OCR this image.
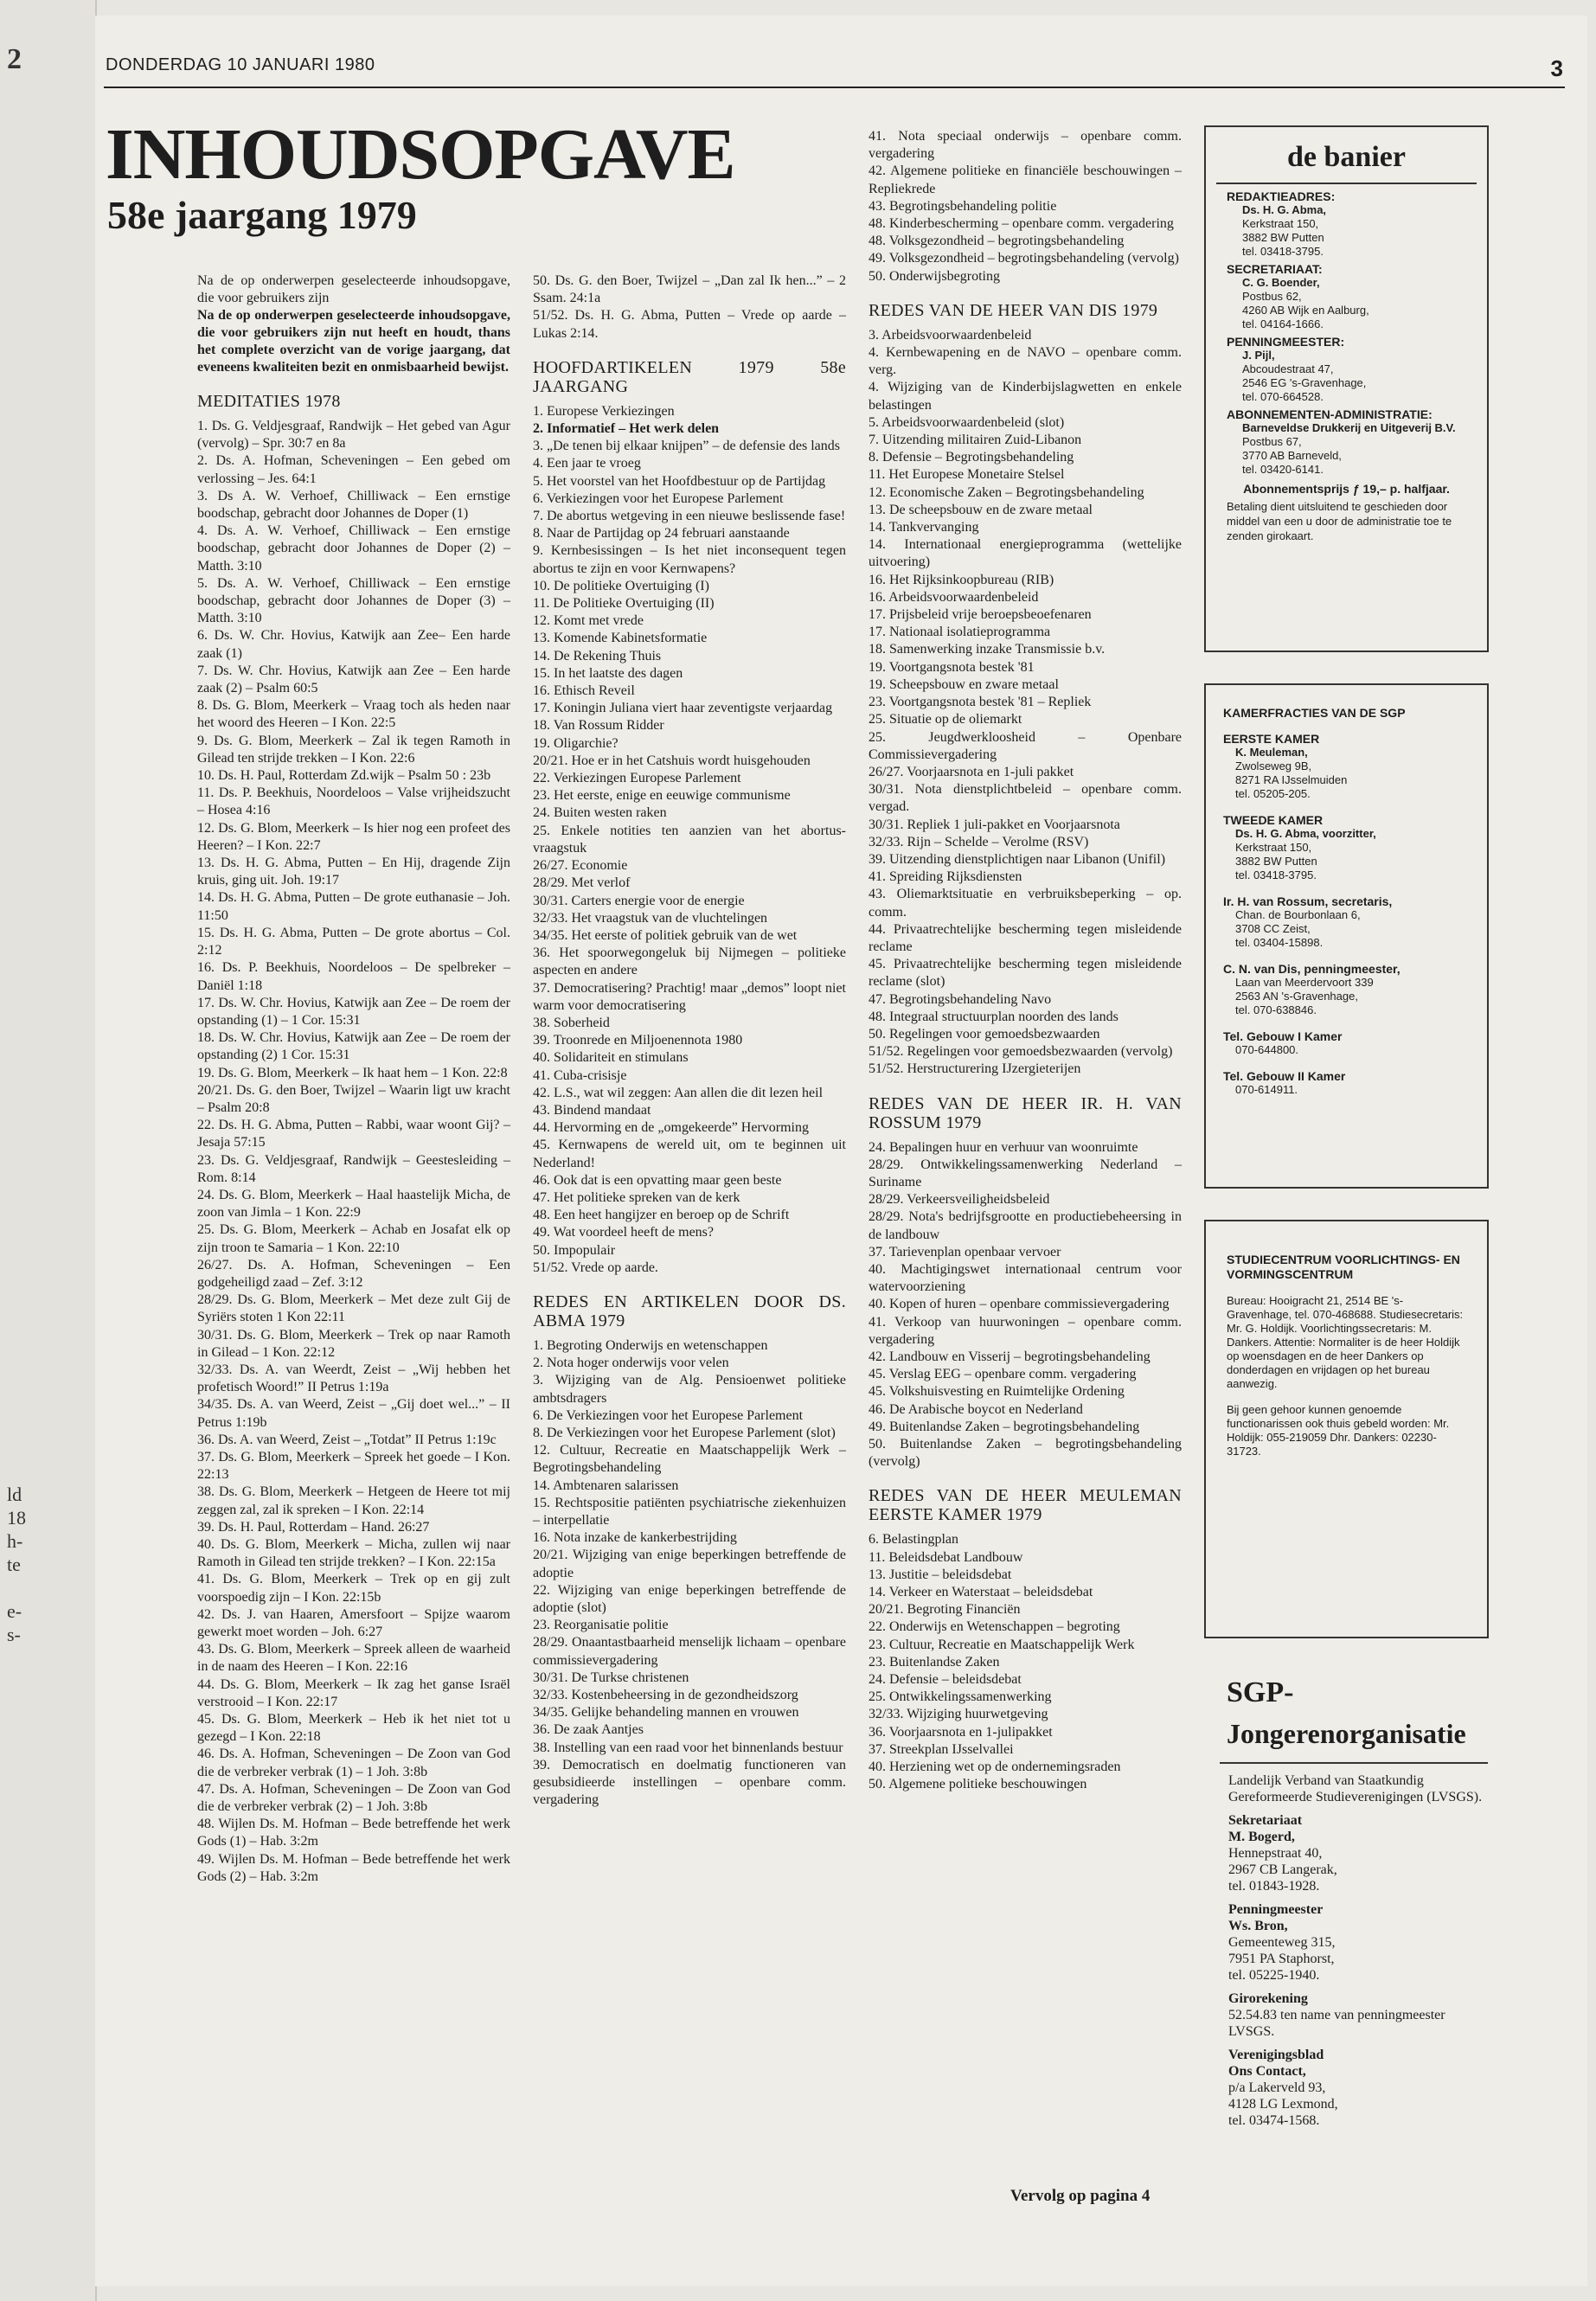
2
ld
18
h-
te
e-
s-
DONDERDAG 10 JANUARI 1980	3
INHOUDSOPGAVE
58e jaargang 1979

Na de op onderwerpen geselecteerde inhoudsopgave, die voor gebruikers zijn

Na de op onderwerpen geselecteerde inhoudsopgave, die voor gebruikers zijn nut heeft en houdt, thans het complete overzicht van de vorige jaargang, dat eveneens kwaliteiten bezit en onmisbaarheid bewijst.

MEDITATIES 1978

1. Ds. G. Veldjesgraaf, Randwijk – Het gebed van Agur (vervolg) – Spr. 30:7 en 8a

2. Ds. A. Hofman, Scheveningen – Een gebed om verlossing – Jes. 64:1

3. Ds A. W. Verhoef, Chilliwack – Een ernstige boodschap, gebracht door Johannes de Doper (1)

4. Ds. A. W. Verhoef, Chilliwack – Een ernstige boodschap, gebracht door Johannes de Doper (2) – Matth. 3:10

5. Ds. A. W. Verhoef, Chilliwack – Een ernstige boodschap, gebracht door Johannes de Doper (3) – Matth. 3:10

6. Ds. W. Chr. Hovius, Katwijk aan Zee– Een harde zaak (1)

7. Ds. W. Chr. Hovius, Katwijk aan Zee – Een harde zaak (2) – Psalm 60:5

8. Ds. G. Blom, Meerkerk – Vraag toch als heden naar het woord des Heeren – I Kon. 22:5

9. Ds. G. Blom, Meerkerk – Zal ik tegen Ramoth in Gilead ten strijde trekken – I Kon. 22:6

10. Ds. H. Paul, Rotterdam Zd.wijk – Psalm 50 : 23b

11. Ds. P. Beekhuis, Noordeloos – Valse vrijheidszucht – Hosea 4:16

12. Ds. G. Blom, Meerkerk – Is hier nog een profeet des Heeren? – I Kon. 22:7

13. Ds. H. G. Abma, Putten – En Hij, dragende Zijn kruis, ging uit. Joh. 19:17

14. Ds. H. G. Abma, Putten – De grote euthanasie – Joh. 11:50

15. Ds. H. G. Abma, Putten – De grote abortus – Col. 2:12

16. Ds. P. Beekhuis, Noordeloos – De spelbreker – Daniël 1:18

17. Ds. W. Chr. Hovius, Katwijk aan Zee – De roem der opstanding (1) – 1 Cor. 15:31

18. Ds. W. Chr. Hovius, Katwijk aan Zee – De roem der opstanding (2) 1 Cor. 15:31

19. Ds. G. Blom, Meerkerk – Ik haat hem – 1 Kon. 22:8

20/21. Ds. G. den Boer, Twijzel – Waarin ligt uw kracht – Psalm 20:8

22. Ds. H. G. Abma, Putten – Rabbi, waar woont Gij? – Jesaja 57:15

23. Ds. G. Veldjesgraaf, Randwijk – Geestesleiding – Rom. 8:14

24. Ds. G. Blom, Meerkerk – Haal haastelijk Micha, de zoon van Jimla – 1 Kon. 22:9

25. Ds. G. Blom, Meerkerk – Achab en Josafat elk op zijn troon te Samaria – 1 Kon. 22:10

26/27. Ds. A. Hofman, Scheveningen – Een godgeheiligd zaad – Zef. 3:12

28/29. Ds. G. Blom, Meerkerk – Met deze zult Gij de Syriërs stoten 1 Kon 22:11

30/31. Ds. G. Blom, Meerkerk – Trek op naar Ramoth in Gilead – 1 Kon. 22:12

32/33. Ds. A. van Weerdt, Zeist – „Wij hebben het profetisch Woord!” II Petrus 1:19a

34/35. Ds. A. van Weerd, Zeist – „Gij doet wel...” – II Petrus 1:19b

36. Ds. A. van Weerd, Zeist – „Totdat” II Petrus 1:19c

37. Ds. G. Blom, Meerkerk – Spreek het goede – I Kon. 22:13

38. Ds. G. Blom, Meerkerk – Hetgeen de Heere tot mij zeggen zal, zal ik spreken – I Kon. 22:14

39. Ds. H. Paul, Rotterdam – Hand. 26:27

40. Ds. G. Blom, Meerkerk – Micha, zullen wij naar Ramoth in Gilead ten strijde trekken? – I Kon. 22:15a

41. Ds. G. Blom, Meerkerk – Trek op en gij zult voorspoedig zijn – I Kon. 22:15b

42. Ds. J. van Haaren, Amersfoort – Spijze waarom gewerkt moet worden – Joh. 6:27

43. Ds. G. Blom, Meerkerk – Spreek alleen de waarheid in de naam des Heeren – I Kon. 22:16

44. Ds. G. Blom, Meerkerk – Ik zag het ganse Israël verstrooid – I Kon. 22:17

45. Ds. G. Blom, Meerkerk – Heb ik het niet tot u gezegd – I Kon. 22:18

46. Ds. A. Hofman, Scheveningen – De Zoon van God die de verbreker verbrak (1) – 1 Joh. 3:8b

47. Ds. A. Hofman, Scheveningen – De Zoon van God die de verbreker verbrak (2) – 1 Joh. 3:8b

48. Wijlen Ds. M. Hofman – Bede betreffende het werk Gods (1) – Hab. 3:2m

49. Wijlen Ds. M. Hofman – Bede betreffende het werk Gods (2) – Hab. 3:2m

50. Ds. G. den Boer, Twijzel – „Dan zal Ik hen...” – 2 Ssam. 24:1a

51/52. Ds. H. G. Abma, Putten – Vrede op aarde – Lukas 2:14.

HOOFDARTIKELEN 1979 58e JAARGANG

1. Europese Verkiezingen

2. Informatief – Het werk delen

3. „De tenen bij elkaar knijpen” – de defensie des lands

4. Een jaar te vroeg

5. Het voorstel van het Hoofdbestuur op de Partijdag

6. Verkiezingen voor het Europese Parlement

7. De abortus wetgeving in een nieuwe beslissende fase!

8. Naar de Partijdag op 24 februari aanstaande

9. Kernbesissingen – Is het niet inconsequent tegen abortus te zijn en voor Kernwapens?

10. De politieke Overtuiging (I)

11. De Politieke Overtuiging (II)

12. Komt met vrede

13. Komende Kabinetsformatie

14. De Rekening Thuis

15. In het laatste des dagen

16. Ethisch Reveil

17. Koningin Juliana viert haar zeventigste verjaardag

18. Van Rossum Ridder

19. Oligarchie?

20/21. Hoe er in het Catshuis wordt huisgehouden

22. Verkiezingen Europese Parlement

23. Het eerste, enige en eeuwige communisme

24. Buiten westen raken

25. Enkele notities ten aanzien van het abortus-vraagstuk

26/27. Economie

28/29. Met verlof

30/31. Carters energie voor de energie

32/33. Het vraagstuk van de vluchtelingen

34/35. Het eerste of politiek gebruik van de wet

36. Het spoorwegongeluk bij Nijmegen – politieke aspecten en andere

37. Democratisering? Prachtig! maar „demos” loopt niet warm voor democratisering

38. Soberheid

39. Troonrede en Miljoenennota 1980

40. Solidariteit en stimulans

41. Cuba-crisisje

42. L.S., wat wil zeggen: Aan allen die dit lezen heil

43. Bindend mandaat

44. Hervorming en de „omgekeerde” Hervorming

45. Kernwapens de wereld uit, om te beginnen uit Nederland!

46. Ook dat is een opvatting maar geen beste

47. Het politieke spreken van de kerk

48. Een heet hangijzer en beroep op de Schrift

49. Wat voordeel heeft de mens?

50. Impopulair

51/52. Vrede op aarde.

REDES EN ARTIKELEN DOOR DS. ABMA 1979

1. Begroting Onderwijs en wetenschappen

2. Nota hoger onderwijs voor velen

3. Wijziging van de Alg. Pensioenwet politieke ambtsdragers

6. De Verkiezingen voor het Europese Parlement

8. De Verkiezingen voor het Europese Parlement (slot)

12. Cultuur, Recreatie en Maatschappelijk Werk – Begrotingsbehandeling

14. Ambtenaren salarissen

15. Rechtspositie patiënten psychiatrische ziekenhuizen – interpellatie

16. Nota inzake de kankerbestrijding

20/21. Wijziging van enige beperkingen betreffende de adoptie

22. Wijziging van enige beperkingen betreffende de adoptie (slot)

23. Reorganisatie politie

28/29. Onaantastbaarheid menselijk lichaam – openbare commissievergadering

30/31. De Turkse christenen

32/33. Kostenbeheersing in de gezondheidszorg

34/35. Gelijke behandeling mannen en vrouwen

36. De zaak Aantjes

38. Instelling van een raad voor het binnenlands bestuur

39. Democratisch en doelmatig functioneren van gesubsidieerde instellingen – openbare comm. vergadering

41. Nota speciaal onderwijs – openbare comm. vergadering

42. Algemene politieke en financiële beschouwingen – Repliekrede

43. Begrotingsbehandeling politie

48. Kinderbescherming – openbare comm. vergadering

48. Volksgezondheid – begrotingsbehandeling

49. Volksgezondheid – begrotingsbehandeling (vervolg)

50. Onderwijsbegroting

REDES VAN DE HEER VAN DIS 1979

3. Arbeidsvoorwaardenbeleid

4. Kernbewapening en de NAVO – openbare comm. verg.

4. Wijziging van de Kinderbijslagwetten en enkele belastingen

5. Arbeidsvoorwaardenbeleid (slot)

7. Uitzending militairen Zuid-Libanon

8. Defensie – Begrotingsbehandeling

11. Het Europese Monetaire Stelsel

12. Economische Zaken – Begrotingsbehandeling

13. De scheepsbouw en de zware metaal

14. Tankvervanging

14. Internationaal energieprogramma (wettelijke uitvoering)

16. Het Rijksinkoopbureau (RIB)

16. Arbeidsvoorwaardenbeleid

17. Prijsbeleid vrije beroepsbeoefenaren

17. Nationaal isolatieprogramma

18. Samenwerking inzake Transmissie b.v.

19. Voortgangsnota bestek '81

19. Scheepsbouw en zware metaal

23. Voortgangsnota bestek '81 – Repliek

25. Situatie op de oliemarkt

25. Jeugdwerkloosheid – Openbare Commissievergadering

26/27. Voorjaarsnota en 1-juli pakket

30/31. Nota dienstplichtbeleid – openbare comm. vergad.

30/31. Repliek 1 juli-pakket en Voorjaarsnota

32/33. Rijn – Schelde – Verolme (RSV)

39. Uitzending dienstplichtigen naar Libanon (Unifil)

41. Spreiding Rijksdiensten

43. Oliemarktsituatie en verbruiksbeperking – op. comm.

44. Privaatrechtelijke bescherming tegen misleidende reclame

45. Privaatrechtelijke bescherming tegen misleidende reclame (slot)

47. Begrotingsbehandeling Navo

48. Integraal structuurplan noorden des lands

50. Regelingen voor gemoedsbezwaarden

51/52. Regelingen voor gemoedsbezwaarden (vervolg)

51/52. Herstructurering IJzergieterijen

REDES VAN DE HEER IR. H. VAN ROSSUM 1979

24. Bepalingen huur en verhuur van woonruimte

28/29. Ontwikkelingssamenwerking Nederland – Suriname

28/29. Verkeersveiligheidsbeleid

28/29. Nota's bedrijfsgrootte en productiebeheersing in de landbouw

37. Tarievenplan openbaar vervoer

40. Machtigingswet internationaal centrum voor watervoorziening

40. Kopen of huren – openbare commissievergadering

41. Verkoop van huurwoningen – openbare comm. vergadering

42. Landbouw en Visserij – begrotingsbehandeling

45. Verslag EEG – openbare comm. vergadering

45. Volkshuisvesting en Ruimtelijke Ordening

46. De Arabische boycot en Nederland

49. Buitenlandse Zaken – begrotingsbehandeling

50. Buitenlandse Zaken – begrotingsbehandeling (vervolg)

REDES VAN DE HEER MEULEMAN EERSTE KAMER 1979

6. Belastingplan

11. Beleidsdebat Landbouw

13. Justitie – beleidsdebat

14. Verkeer en Waterstaat – beleidsdebat

20/21. Begroting Financiën

22. Onderwijs en Wetenschappen – begroting

23. Cultuur, Recreatie en Maatschappelijk Werk

23. Buitenlandse Zaken

24. Defensie – beleidsdebat

25. Ontwikkelingssamenwerking

32/33. Wijziging huurwetgeving

36. Voorjaarsnota en 1-julipakket

37. Streekplan IJsselvallei

40. Herziening wet op de ondernemingsraden

50. Algemene politieke beschouwingen

Vervolg op pagina 4
de banier
REDAKTIEADRES:
Ds. H. G. Abma,
Kerkstraat 150,
3882 BW Putten
tel. 03418-3795.
SECRETARIAAT:
C. G. Boender,
Postbus 62,
4260 AB Wijk en Aalburg,
tel. 04164-1666.
PENNINGMEESTER:
J. Pijl,
Abcoudestraat 47,
2546 EG 's-Gravenhage,
tel. 070-664528.
ABONNEMENTEN-ADMINISTRATIE:
Barneveldse Drukkerij en Uitgeverij B.V.
Postbus 67,
3770 AB Barneveld,
tel. 03420-6141.
Abonnementsprijs ƒ 19,– p. halfjaar.
Betaling dient uitsluitend te geschieden door middel van een u door de administratie toe te zenden girokaart.
KAMERFRACTIES VAN DE SGP
EERSTE KAMER
K. Meuleman,
Zwolseweg 9B,
8271 RA IJsselmuiden
tel. 05205-205.
TWEEDE KAMER
Ds. H. G. Abma, voorzitter,
Kerkstraat 150,
3882 BW Putten
tel. 03418-3795.
Ir. H. van Rossum, secretaris,
Chan. de Bourbonlaan 6,
3708 CC Zeist,
tel. 03404-15898.
C. N. van Dis, penningmeester,
Laan van Meerdervoort 339
2563 AN 's-Gravenhage,
tel. 070-638846.
Tel. Gebouw I Kamer
070-644800.
Tel. Gebouw II Kamer
070-614911.
STUDIECENTRUM VOORLICHTINGS- EN VORMINGSCENTRUM
Bureau: Hooigracht 21, 2514 BE 's-Gravenhage, tel. 070-468688. Studiesecretaris: Mr. G. Holdijk. Voorlichtingssecretaris: M. Dankers. Attentie: Normaliter is de heer Holdijk op woensdagen en de heer Dankers op donderdagen en vrijdagen op het bureau aanwezig.
Bij geen gehoor kunnen genoemde functionarissen ook thuis gebeld worden: Mr. Holdijk: 055-219059 Dhr. Dankers: 02230-31723.
SGP-
Jongerenorganisatie
Landelijk Verband van Staatkundig Gereformeerde Studieverenigingen (LVSGS).
Sekretariaat
M. Bogerd,
Hennepstraat 40,
2967 CB Langerak,
tel. 01843-1928.
Penningmeester
Ws. Bron,
Gemeenteweg 315,
7951 PA Staphorst,
tel. 05225-1940.
Girorekening
52.54.83 ten name van penningmeester LVSGS.
Verenigingsblad
Ons Contact,
p/a Lakerveld 93,
4128 LG Lexmond,
tel. 03474-1568.
